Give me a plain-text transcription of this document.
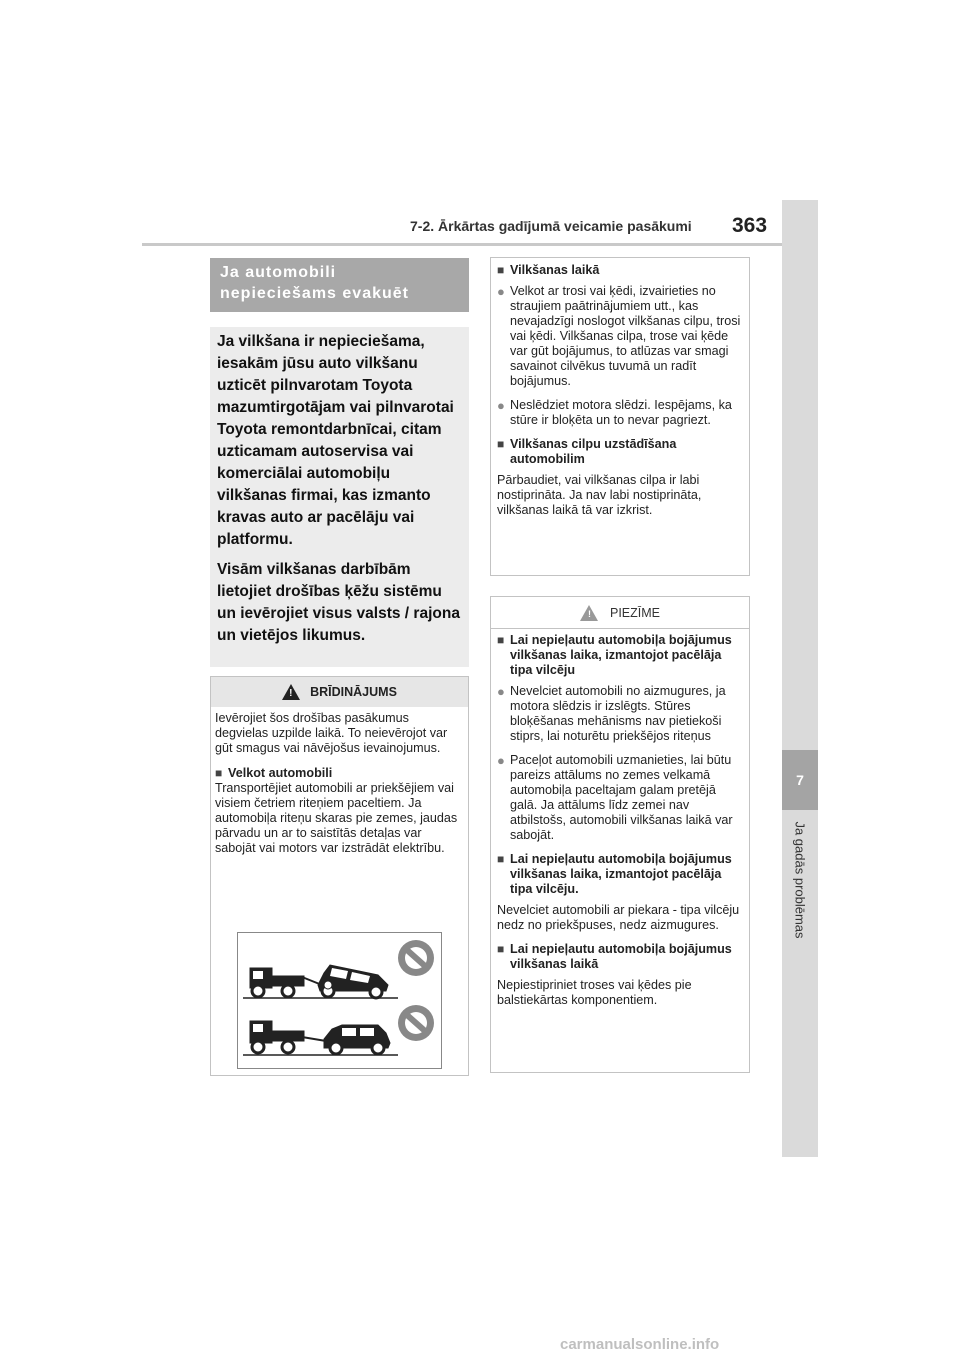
7-2. Ārkārtas gadījumā veicamie pasākumi 363
7
Ja gadās problēmas
Ja automobili
nepieciešams evakuēt

Ja vilkšana ir nepieciešama, iesakām jūsu auto vilkšanu uzticēt pilnvarotam Toyota mazumtirgotājam vai pilnvarotai Toyota remontdarbnīcai, citam uzticamam autoservisa vai komerciālai automobiļu vilkšanas firmai, kas izmanto kravas auto ar pacēlāju vai platformu.

Visām vilkšanas darbībām lietojiet drošības ķēžu sistēmu un ievērojiet visus valsts / rajona un vietējos likumus.

! BRĪDINĀJUMS

Ievērojiet šos drošības pasākumus degvielas uzpilde laikā. To neievērojot var gūt smagus vai nāvējošus ievainojumus.

■ Velkot automobili

Transportējiet automobili ar priekšējiem vai visiem četriem riteņiem paceltiem. Ja automobiļa riteņu skaras pie zemes, jaudas pārvadu un ar to saistītās detaļas var sabojāt vai motors var izstrādāt elektrību.

■ Vilkšanas laikā
● Velkot ar trosi vai ķēdi, izvairieties no straujiem paātrinājumiem utt., kas nevajadzīgi noslogot vilkšanas cilpu, trosi vai ķēdi. Vilkšanas cilpa, trose vai ķēde var gūt bojājumus, to atlūzas var smagi savainot cilvēkus tuvumā un radīt bojājumus.
● Neslēdziet motora slēdzi. Iespējams, ka stūre ir bloķēta un to nevar pagriezt.
■ Vilkšanas cilpu uzstādīšana automobilim
Pārbaudiet, vai vilkšanas cilpa ir labi nostiprināta. Ja nav labi nostiprināta, vilkšanas laikā tā var izkrist.
! PIEZĪME
■ Lai nepieļautu automobiļa bojājumus vilkšanas laika, izmantojot pacēlāja tipa vilcēju
● Nevelciet automobili no aizmugures, ja motora slēdzis ir izslēgts. Stūres bloķēšanas mehānisms nav pietiekoši stiprs, lai noturētu priekšējos riteņus
● Paceļot automobili uzmanieties, lai būtu pareizs attālums no zemes velkamā automobiļa paceltajam galam pretējā galā. Ja attālums līdz zemei nav atbilstošs, automobili vilkšanas laikā var sabojāt.
■ Lai nepieļautu automobiļa bojājumus vilkšanas laika, izmantojot pacēlāja tipa vilcēju.
Nevelciet automobili ar piekara - tipa vilcēju nedz no priekšpuses, nedz aizmugures.
■ Lai nepieļautu automobiļa bojājumus vilkšanas laikā
Nepiestipriniet troses vai ķēdes pie balstiekārtas komponentiem.
carmanualsonline.info
